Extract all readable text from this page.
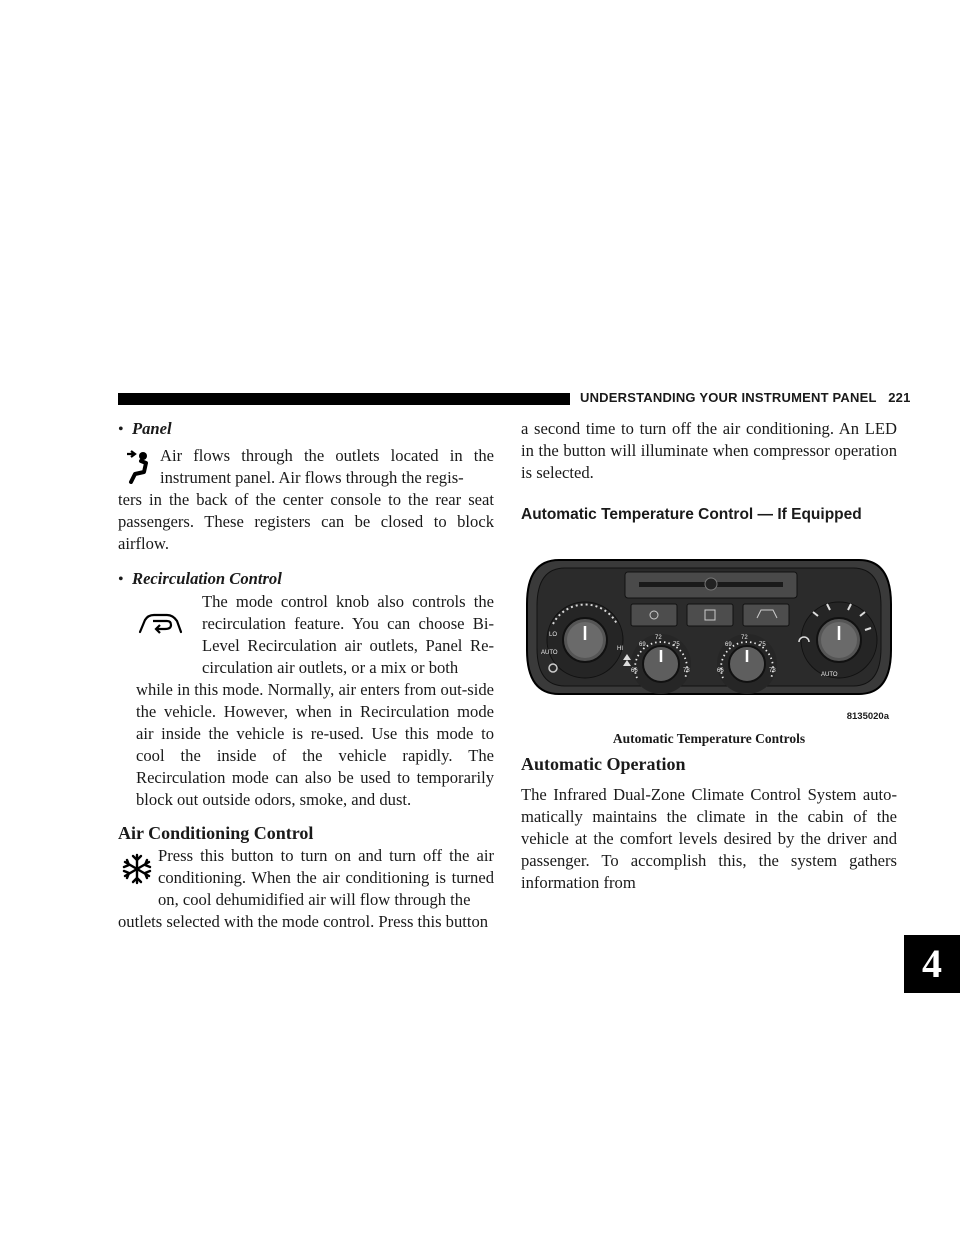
UNDERSTANDING YOUR INSTRUMENT PANEL 221
4
• Panel

Air flows through the outlets located in the instrument panel. Air flows through the regis-

ters in the back of the center console to the rear seat passengers. These registers can be closed to block airflow.

• Recirculation Control

The mode control knob also controls the recirculation feature. You can choose Bi-Level Recirculation air outlets, Panel Re-circulation air outlets, or a mix or both

while in this mode. Normally, air enters from out-side the vehicle. However, when in Recirculation mode air inside the vehicle is re-used. Use this mode to cool the inside of the vehicle rapidly. The Recirculation mode can also be used to temporarily block out outside odors, smoke, and dust.

Air Conditioning Control

Press this button to turn on and turn off the air conditioning. When the air conditioning is turned on, cool dehumidified air will flow through the

outlets selected with the mode control. Press this button

a second time to turn off the air conditioning. An LED in the button will illuminate when compressor operation is selected.

Automatic Temperature Control — If Equipped
LO
AUTO
HI
69
72
75
66	78
69
72
75
66	78
AUTO
8135020a
Automatic Temperature Controls
Automatic Operation

The Infrared Dual-Zone Climate Control System auto-matically maintains the climate in the cabin of the vehicle at the comfort levels desired by the driver and passenger. To accomplish this, the system gathers information from
